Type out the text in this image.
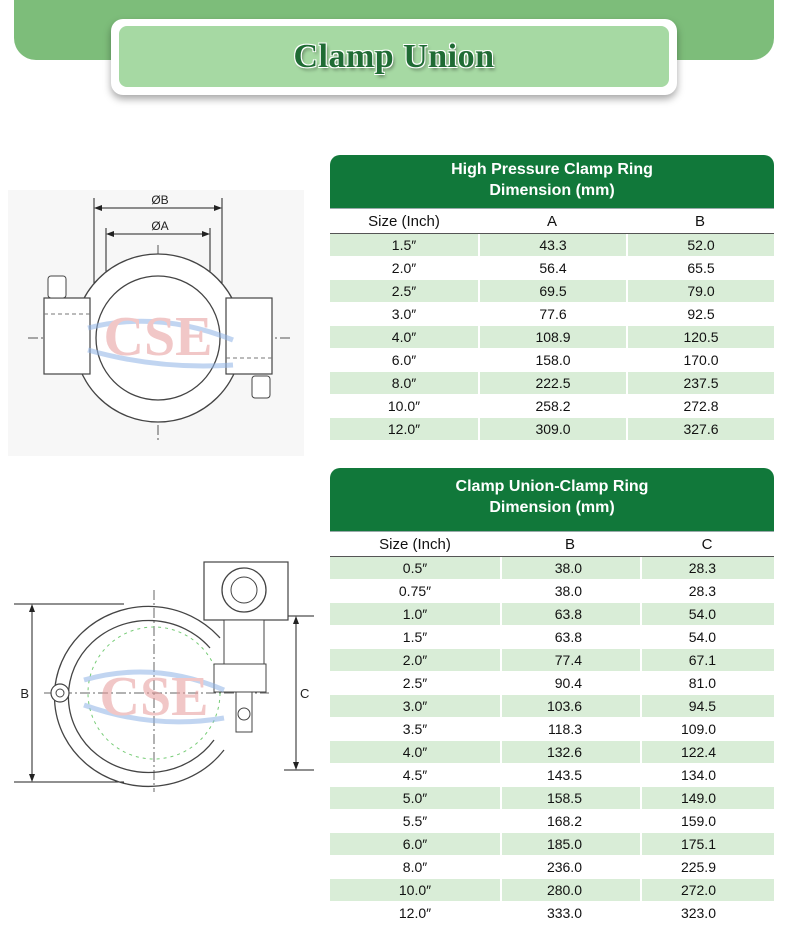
Clamp Union
ØB
ØA
CSE
B	C
CSE
High Pressure Clamp Ring
Dimension (mm)
Size (Inch)	A	B
1.5″	43.3	52.0
2.0″	56.4	65.5
2.5″	69.5	79.0
3.0″	77.6	92.5
4.0″	108.9	120.5
6.0″	158.0	170.0
8.0″	222.5	237.5
10.0″	258.2	272.8
12.0″	309.0	327.6
Clamp Union-Clamp Ring
Dimension (mm)
Size (Inch)	B	C
0.5″	38.0	28.3
0.75″	38.0	28.3
1.0″	63.8	54.0
1.5″	63.8	54.0
2.0″	77.4	67.1
2.5″	90.4	81.0
3.0″	103.6	94.5
3.5″	118.3	109.0
4.0″	132.6	122.4
4.5″	143.5	134.0
5.0″	158.5	149.0
5.5″	168.2	159.0
6.0″	185.0	175.1
8.0″	236.0	225.9
10.0″	280.0	272.0
12.0″	333.0	323.0
